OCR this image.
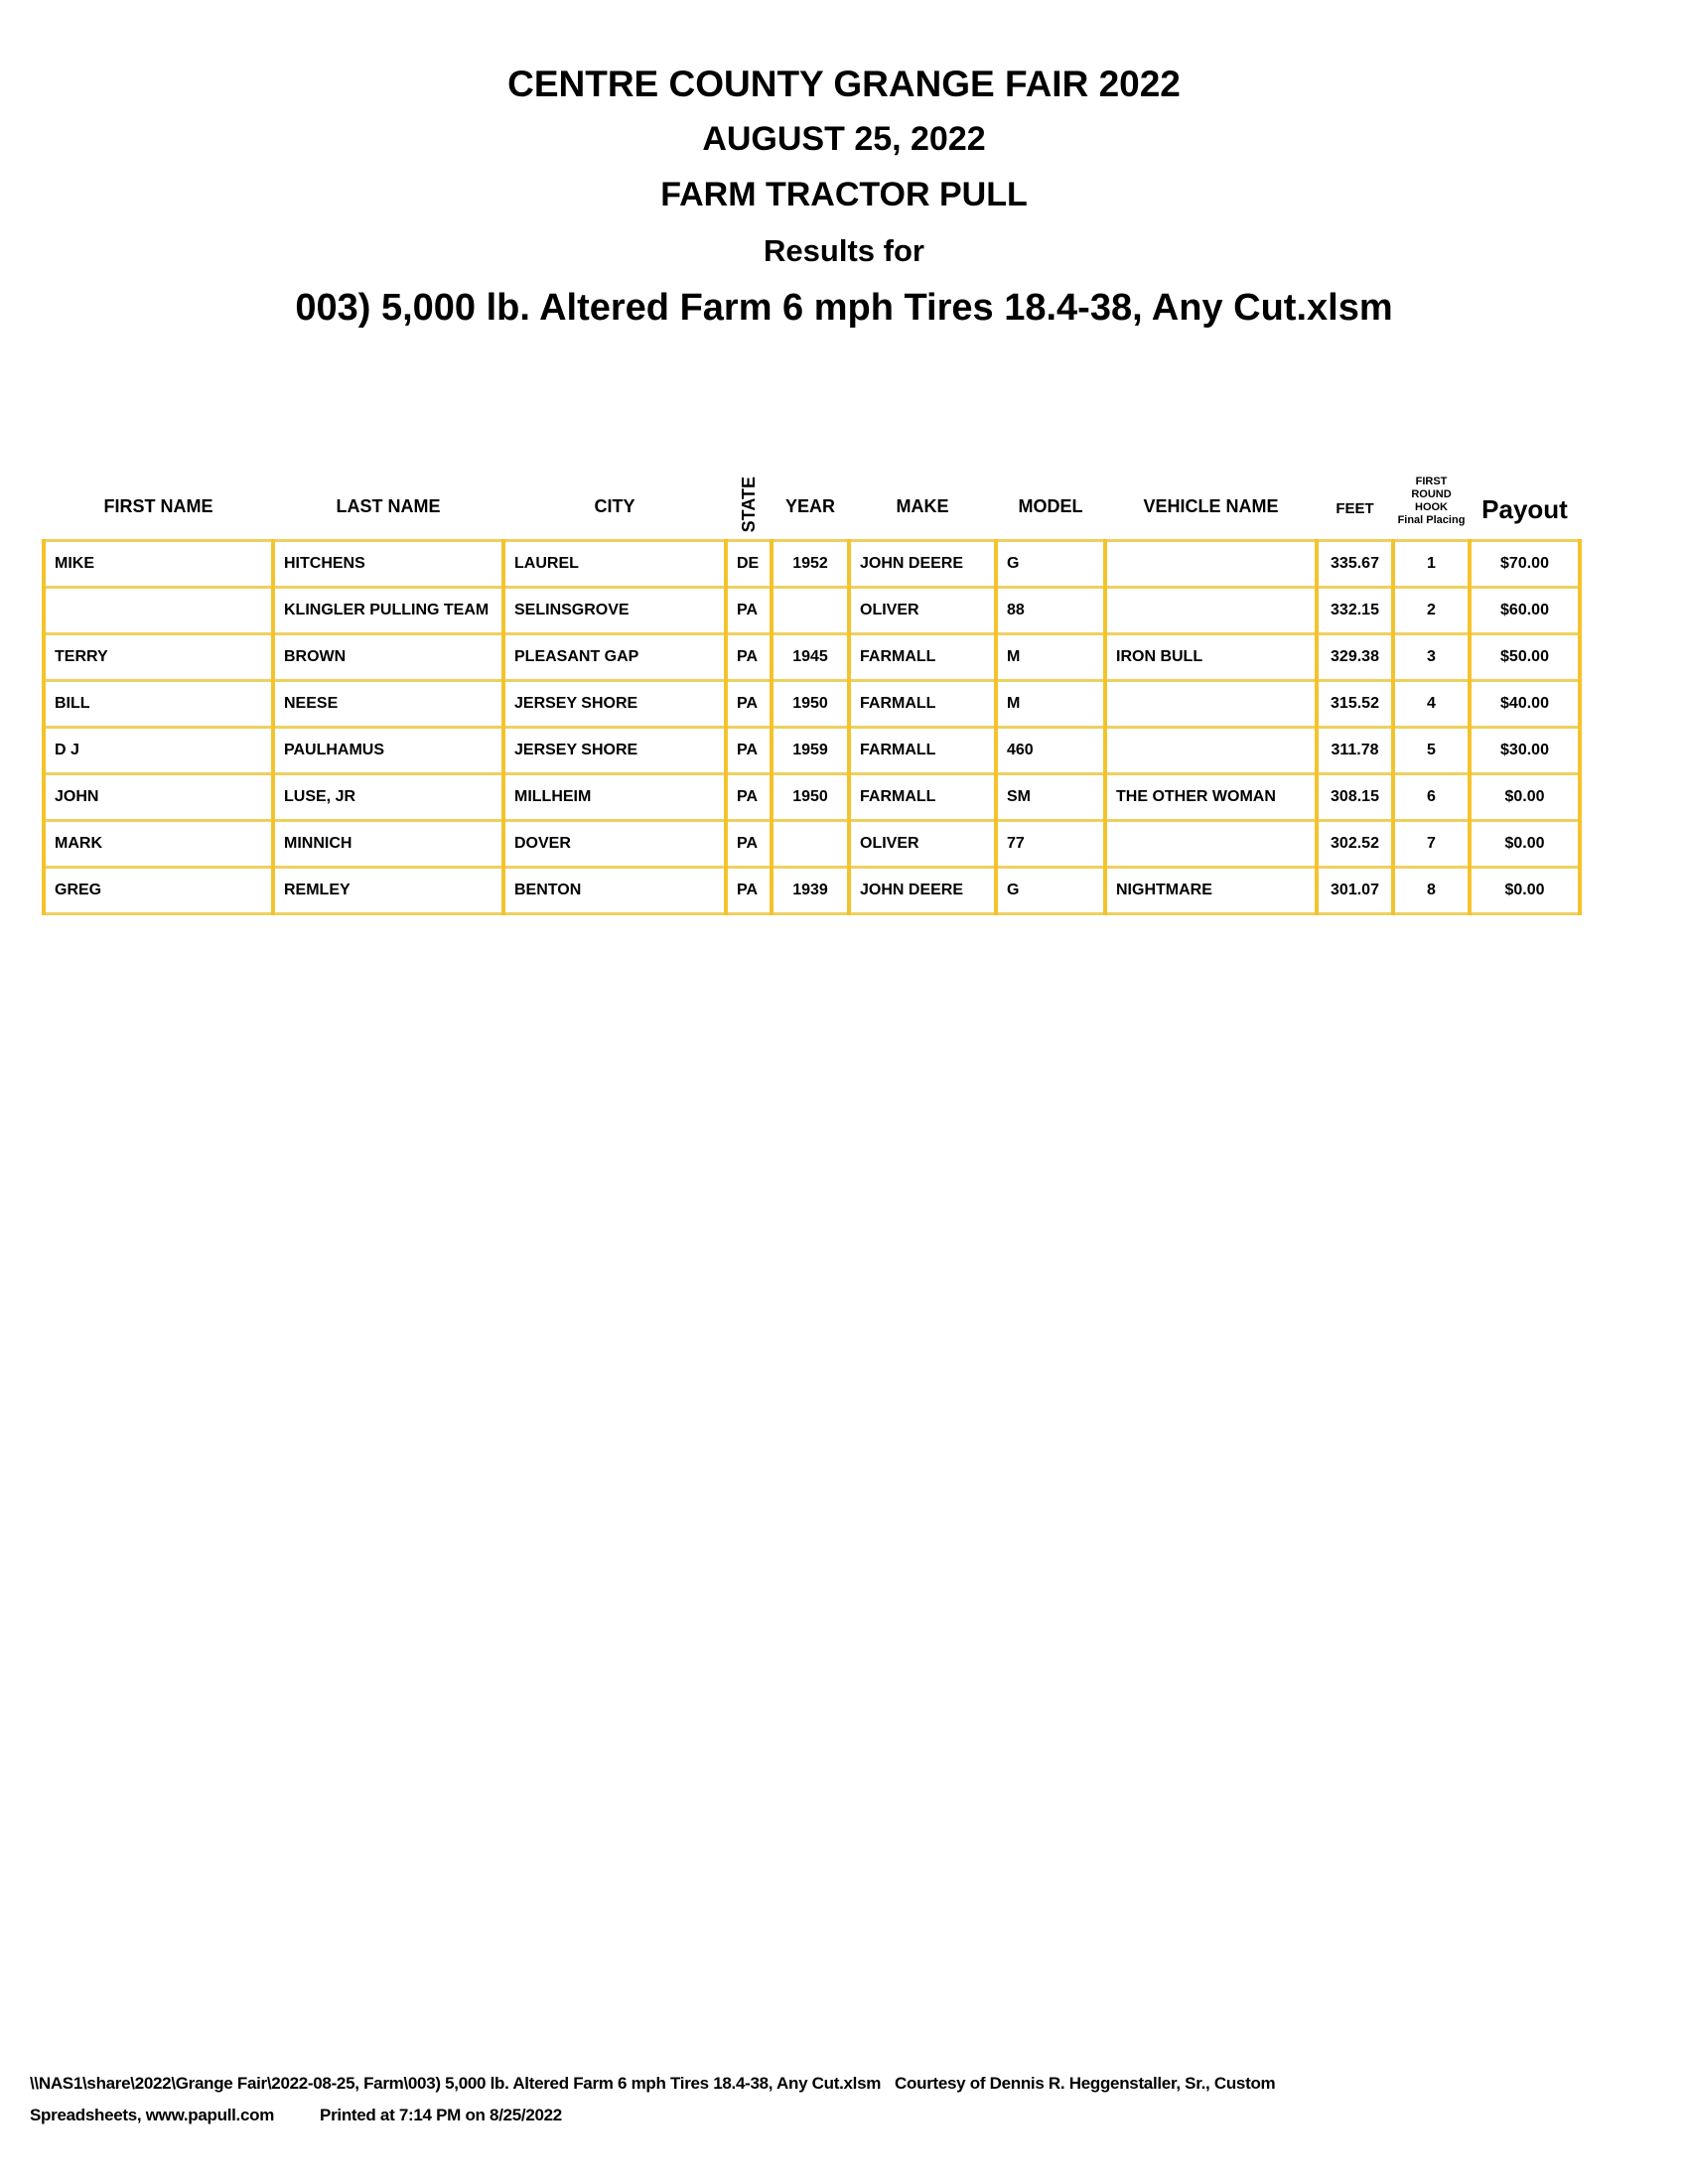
CENTRE COUNTY GRANGE FAIR 2022
AUGUST 25, 2022
FARM TRACTOR PULL
Results for
003) 5,000 lb. Altered Farm 6 mph Tires 18.4-38, Any Cut.xlsm
FIRST NAME	LAST NAME	CITY	STATE	YEAR	MAKE	MODEL	VEHICLE NAME	FEET	FIRST ROUND
HOOK
Final Placing	Payout
MIKE	HITCHENS	LAUREL	DE	1952	JOHN DEERE	G		335.67	1	$70.00
	KLINGLER PULLING TEAM	SELINSGROVE	PA		OLIVER	88		332.15	2	$60.00
TERRY	BROWN	PLEASANT GAP	PA	1945	FARMALL	M	IRON BULL	329.38	3	$50.00
BILL	NEESE	JERSEY SHORE	PA	1950	FARMALL	M		315.52	4	$40.00
D J	PAULHAMUS	JERSEY SHORE	PA	1959	FARMALL	460		311.78	5	$30.00
JOHN	LUSE, JR	MILLHEIM	PA	1950	FARMALL	SM	THE OTHER WOMAN	308.15	6	$0.00
MARK	MINNICH	DOVER	PA		OLIVER	77		302.52	7	$0.00
GREG	REMLEY	BENTON	PA	1939	JOHN DEERE	G	NIGHTMARE	301.07	8	$0.00
\\NAS1\share\2022\Grange Fair\2022-08-25, Farm\003) 5,000 lb. Altered Farm 6 mph Tires 18.4-38, Any Cut.xlsm Courtesy of Dennis R. Heggenstaller, Sr., Custom
Spreadsheets, www.papull.com	Printed at 7:14 PM on 8/25/2022
